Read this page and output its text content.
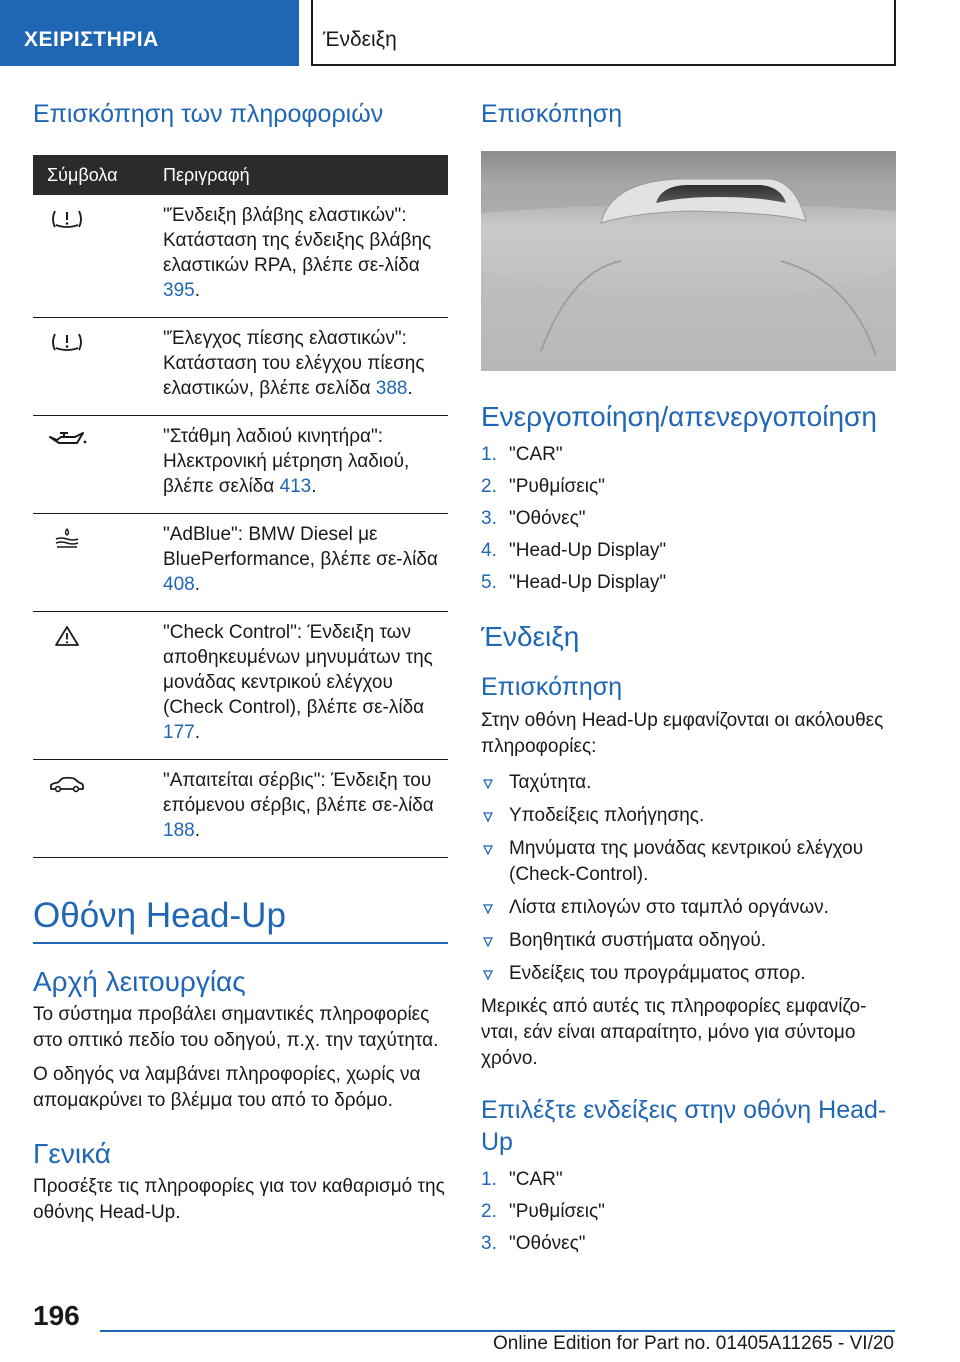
ΧΕΙΡΙΣΤΗΡΙΑ	Ένδειξη
Επισκόπηση των πληροφοριών
Σύμβολα	Περιγραφή
"Ένδειξη βλάβης ελαστικών": Κατάσταση της ένδειξης βλάβης ελαστικών RPA, βλέπε σε-λίδα 395.
"Έλεγχος πίεσης ελαστικών": Κατάσταση του ελέγχου πίεσης ελαστικών, βλέπε σελίδα 388.
"Στάθμη λαδιού κινητήρα": Ηλεκτρονική μέτρηση λαδιού, βλέπε σελίδα 413.
"AdBlue": BMW Diesel με BluePerformance, βλέπε σε-λίδα 408.
"Check Control": Ένδειξη των αποθηκευμένων μηνυμάτων της μονάδας κεντρικού ελέγχου (Check Control), βλέπε σε-λίδα 177.
"Απαιτείται σέρβις": Ένδειξη του επόμενου σέρβις, βλέπε σε-λίδα 188.
Οθόνη Head-Up
Αρχή λειτουργίας
Το σύστημα προβάλει σημαντικές πληροφορίες στο οπτικό πεδίο του οδηγού, π.χ. την ταχύτητα.
Ο οδηγός να λαμβάνει πληροφορίες, χωρίς να απομακρύνει το βλέμμα του από το δρόμο.
Γενικά
Προσέξτε τις πληροφορίες για τον καθαρισμό της οθόνης Head-Up.
Επισκόπηση
Ενεργοποίηση/απενεργοποίηση
1. "CAR"
2. "Ρυθμίσεις"
3. "Οθόνες"
4. "Head-Up Display"
5. "Head-Up Display"
Ένδειξη
Επισκόπηση
Στην οθόνη Head-Up εμφανίζονται οι ακόλουθες πληροφορίες:
Ταχύτητα.
Υποδείξεις πλοήγησης.
Μηνύματα της μονάδας κεντρικού ελέγχου (Check-Control).
Λίστα επιλογών στο ταμπλό οργάνων.
Βοηθητικά συστήματα οδηγού.
Ενδείξεις του προγράμματος σπορ.
Μερικές από αυτές τις πληροφορίες εμφανίζο-νται, εάν είναι απαραίτητο, μόνο για σύντομο χρόνο.
Επιλέξτε ενδείξεις στην οθόνη Head-Up
1. "CAR"
2. "Ρυθμίσεις"
3. "Οθόνες"
196
Online Edition for Part no. 01405A11265 - VI/20
